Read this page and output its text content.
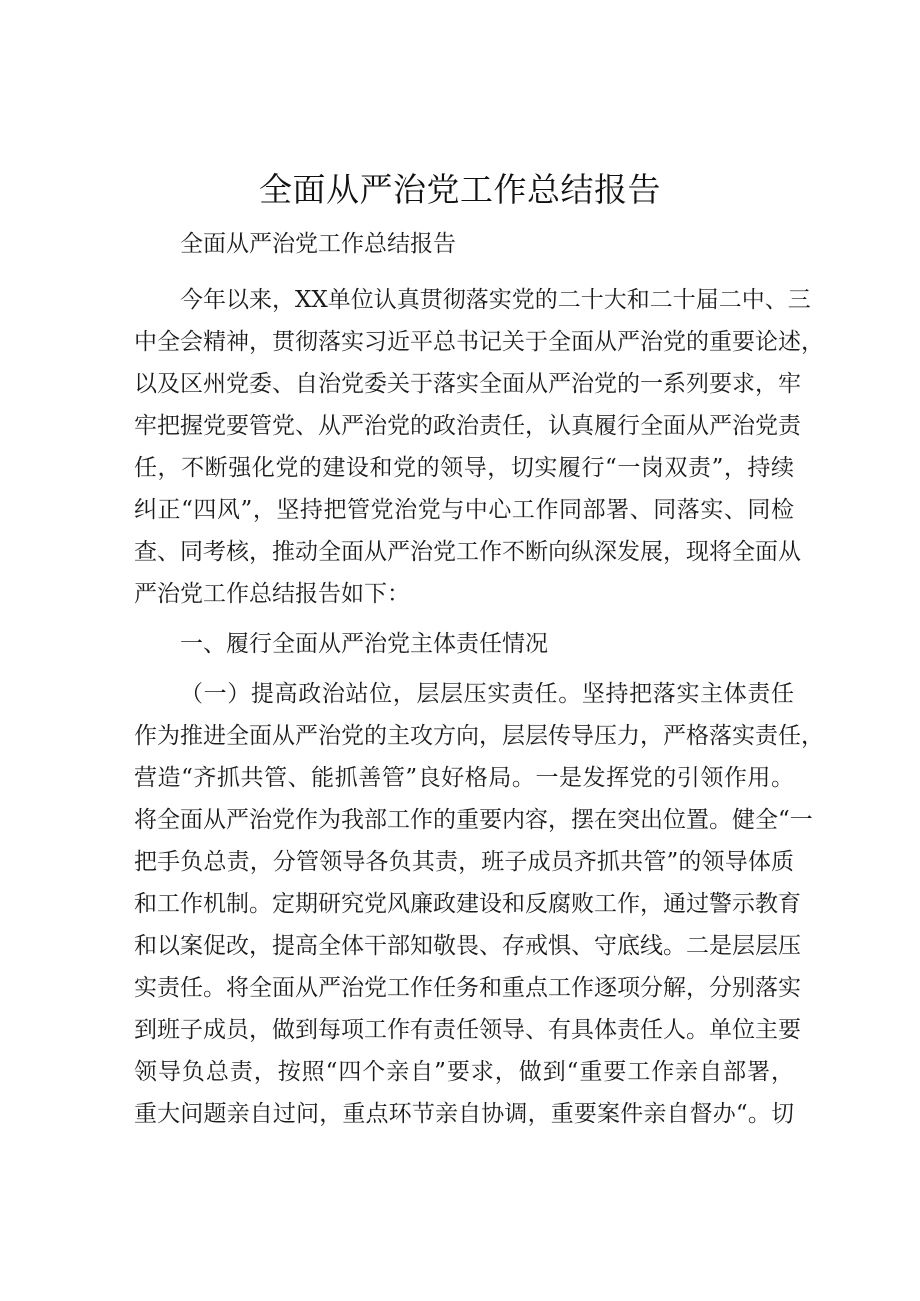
全面从严治党工作总结报告
全面从严治党工作总结报告
今年以来，XX单位认真贯彻落实党的二十大和二十届二中、三
中全会精神，贯彻落实习近平总书记关于全面从严治党的重要论述，
以及区州党委、自治党委关于落实全面从严治党的一系列要求，牢
牢把握党要管党、从严治党的政治责任，认真履行全面从严治党责
任，不断强化党的建设和党的领导，切实履行“一岗双责”，持续
纠正“四风”，坚持把管党治党与中心工作同部署、同落实、同检
查、同考核，推动全面从严治党工作不断向纵深发展，现将全面从
严治党工作总结报告如下：
一、履行全面从严治党主体责任情况
（一）提高政治站位，层层压实责任。坚持把落实主体责任
作为推进全面从严治党的主攻方向，层层传导压力，严格落实责任，
营造“齐抓共管、能抓善管”良好格局。一是发挥党的引领作用。
将全面从严治党作为我部工作的重要内容，摆在突出位置。健全“一
把手负总责，分管领导各负其责，班子成员齐抓共管”的领导体质
和工作机制。定期研究党风廉政建设和反腐败工作，通过警示教育
和以案促改，提高全体干部知敬畏、存戒惧、守底线。二是层层压
实责任。将全面从严治党工作任务和重点工作逐项分解，分别落实
到班子成员，做到每项工作有责任领导、有具体责任人。单位主要
领导负总责，按照“四个亲自”要求，做到“重要工作亲自部署，
重大问题亲自过问，重点环节亲自协调，重要案件亲自督办“。切
